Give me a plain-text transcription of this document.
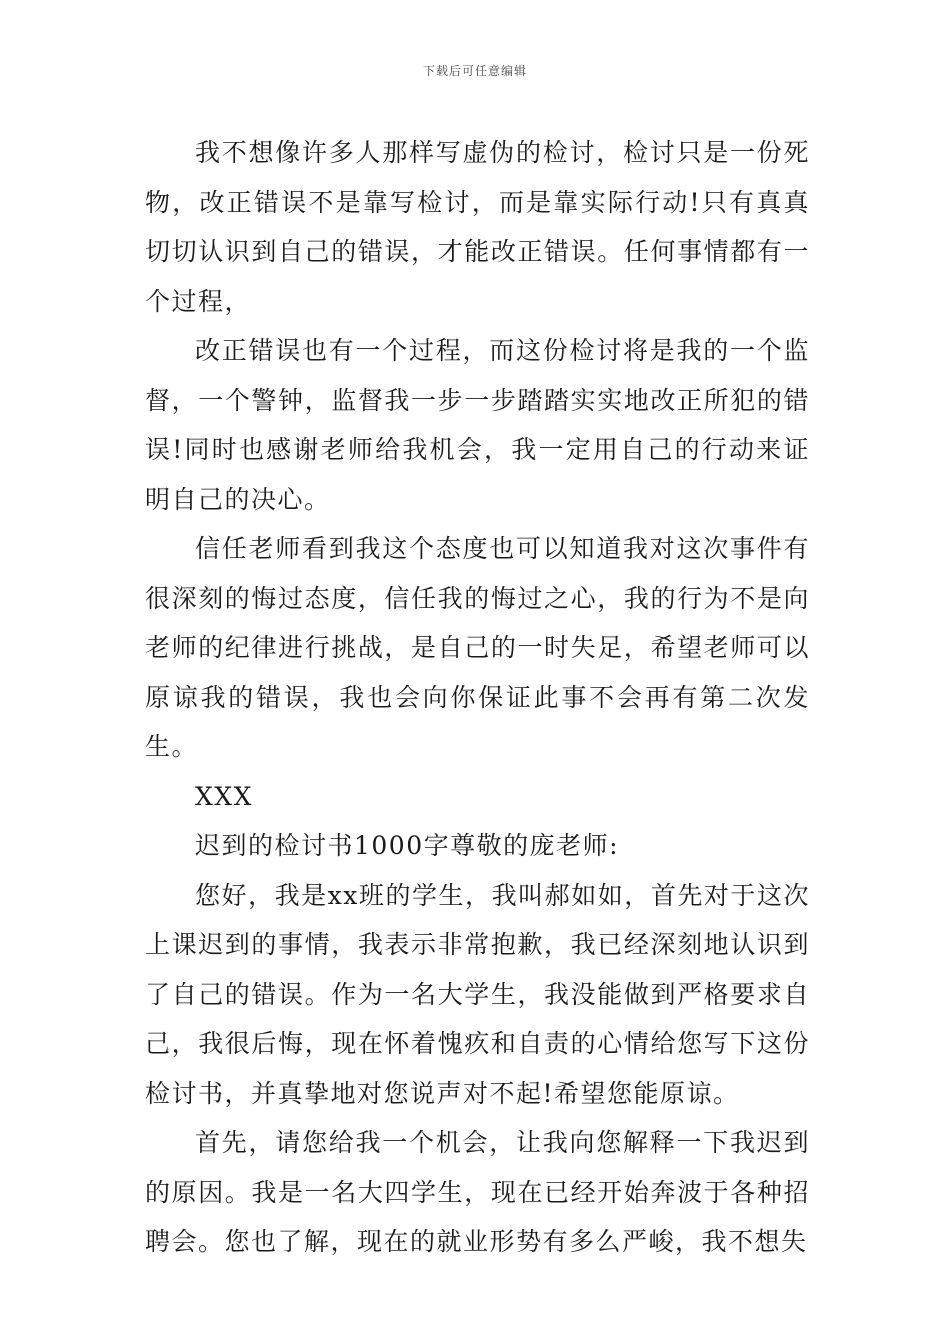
下载后可任意编辑

我不想像许多人那样写虚伪的检讨，检讨只是一份死物，改正错误不是靠写检讨，而是靠实际行动!只有真真切切认识到自己的错误，才能改正错误。任何事情都有一个过程，

改正错误也有一个过程，而这份检讨将是我的一个监督，一个警钟，监督我一步一步踏踏实实地改正所犯的错误!同时也感谢老师给我机会，我一定用自己的行动来证明自己的决心。

信任老师看到我这个态度也可以知道我对这次事件有很深刻的悔过态度，信任我的悔过之心，我的行为不是向老师的纪律进行挑战，是自己的一时失足，希望老师可以原谅我的错误，我也会向你保证此事不会再有第二次发生。

XXX

迟到的检讨书1000字尊敬的庞老师:

您好，我是xx班的学生，我叫郝如如，首先对于这次上课迟到的事情，我表示非常抱歉，我已经深刻地认识到了自己的错误。作为一名大学生，我没能做到严格要求自己，我很后悔，现在怀着愧疚和自责的心情给您写下这份检讨书，并真挚地对您说声对不起!希望您能原谅。

首先，请您给我一个机会，让我向您解释一下我迟到的原因。我是一名大四学生，现在已经开始奔波于各种招聘会。您也了解，现在的就业形势有多么严峻，我不想失
